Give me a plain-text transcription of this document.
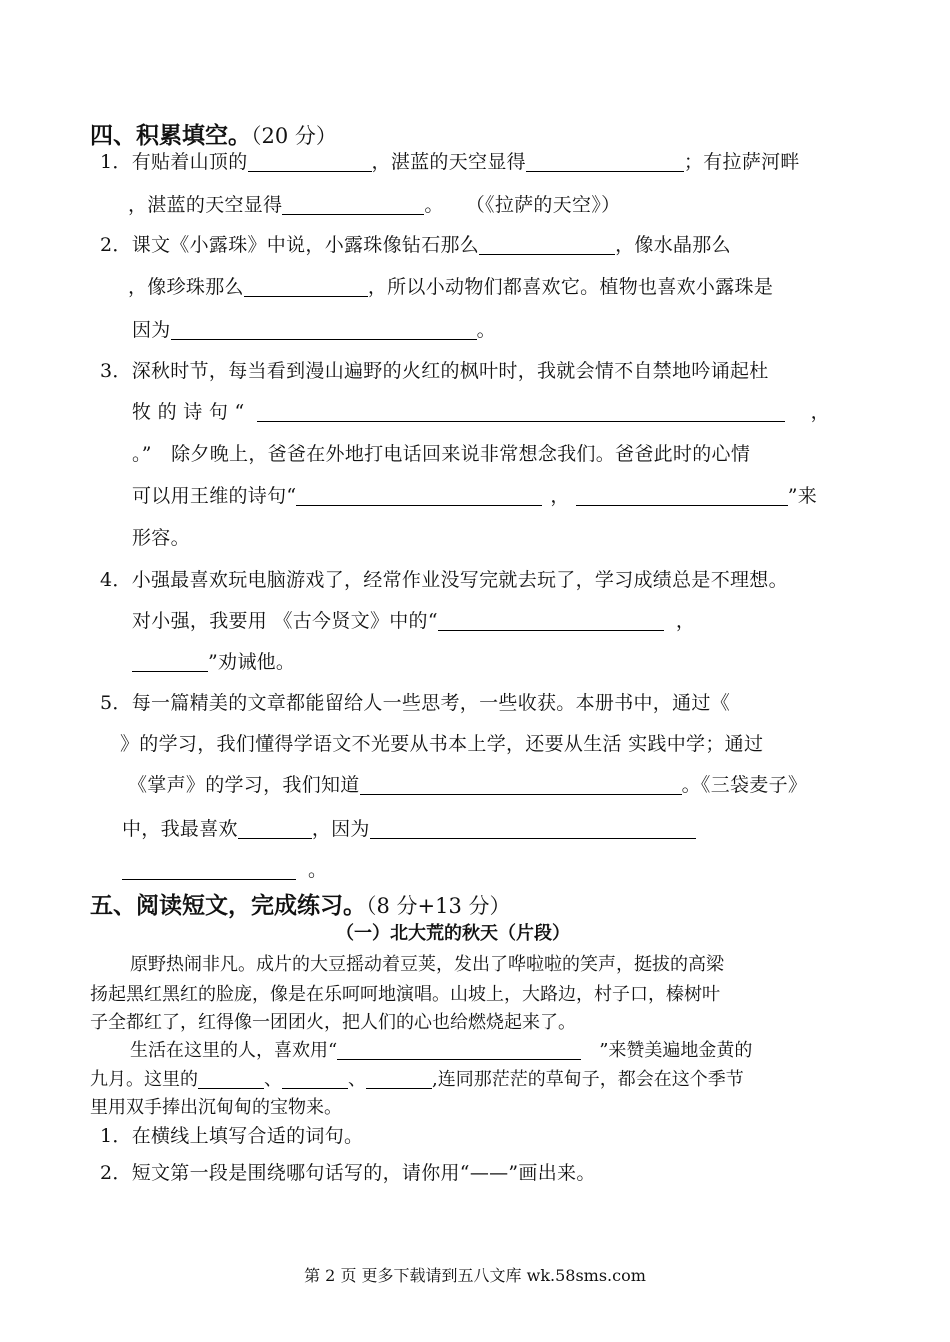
四、积累填空。（20 分）
1．有贴着山顶的	，湛蓝的天空显得	；有拉萨河畔
，湛蓝的天空显得	。 （《拉萨的天空》）
2．课文《小露珠》中说，小露珠像钻石那么	，像水晶那么
，像珍珠那么	，所以小动物们都喜欢它。植物也喜欢小露珠是
因为	。
3．深秋时节，每当看到漫山遍野的火红的枫叶时，我就会情不自禁地吟诵起杜
牧 的 诗 句 “	，
。”　除夕晚上，爸爸在外地打电话回来说非常想念我们。爸爸此时的心情
可以用王维的诗句“	，	”来
形容。
4．小强最喜欢玩电脑游戏了，经常作业没写完就去玩了，学习成绩总是不理想。
对小强，我要用 《古今贤文》中的“	，
”劝诫他。
5．每一篇精美的文章都能留给人一些思考，一些收获。本册书中，通过《
》的学习，我们懂得学语文不光要从书本上学，还要从生活 实践中学；通过
《掌声》的学习，我们知道	。《三袋麦子》
中，我最喜欢	，因为
。
五、阅读短文，完成练习。（8 分+13 分）
（一）北大荒的秋天（片段）
原野热闹非凡。成片的大豆摇动着豆荚，发出了哗啦啦的笑声，挺拔的高梁
扬起黑红黑红的脸庞，像是在乐呵呵地演唱。山坡上，大路边，村子口，榛树叶
子全都红了，红得像一团团火，把人们的心也给燃烧起来了。
生活在这里的人，喜欢用“	”来赞美遍地金黄的
九月。这里的	、	、	,连同那茫茫的草甸子，都会在这个季节
里用双手捧出沉甸甸的宝物来。
1．在横线上填写合适的词句。
2．短文第一段是围绕哪句话写的，请你用“——”画出来。
第 2 页 更多下载请到五八文库 wk.58sms.com
